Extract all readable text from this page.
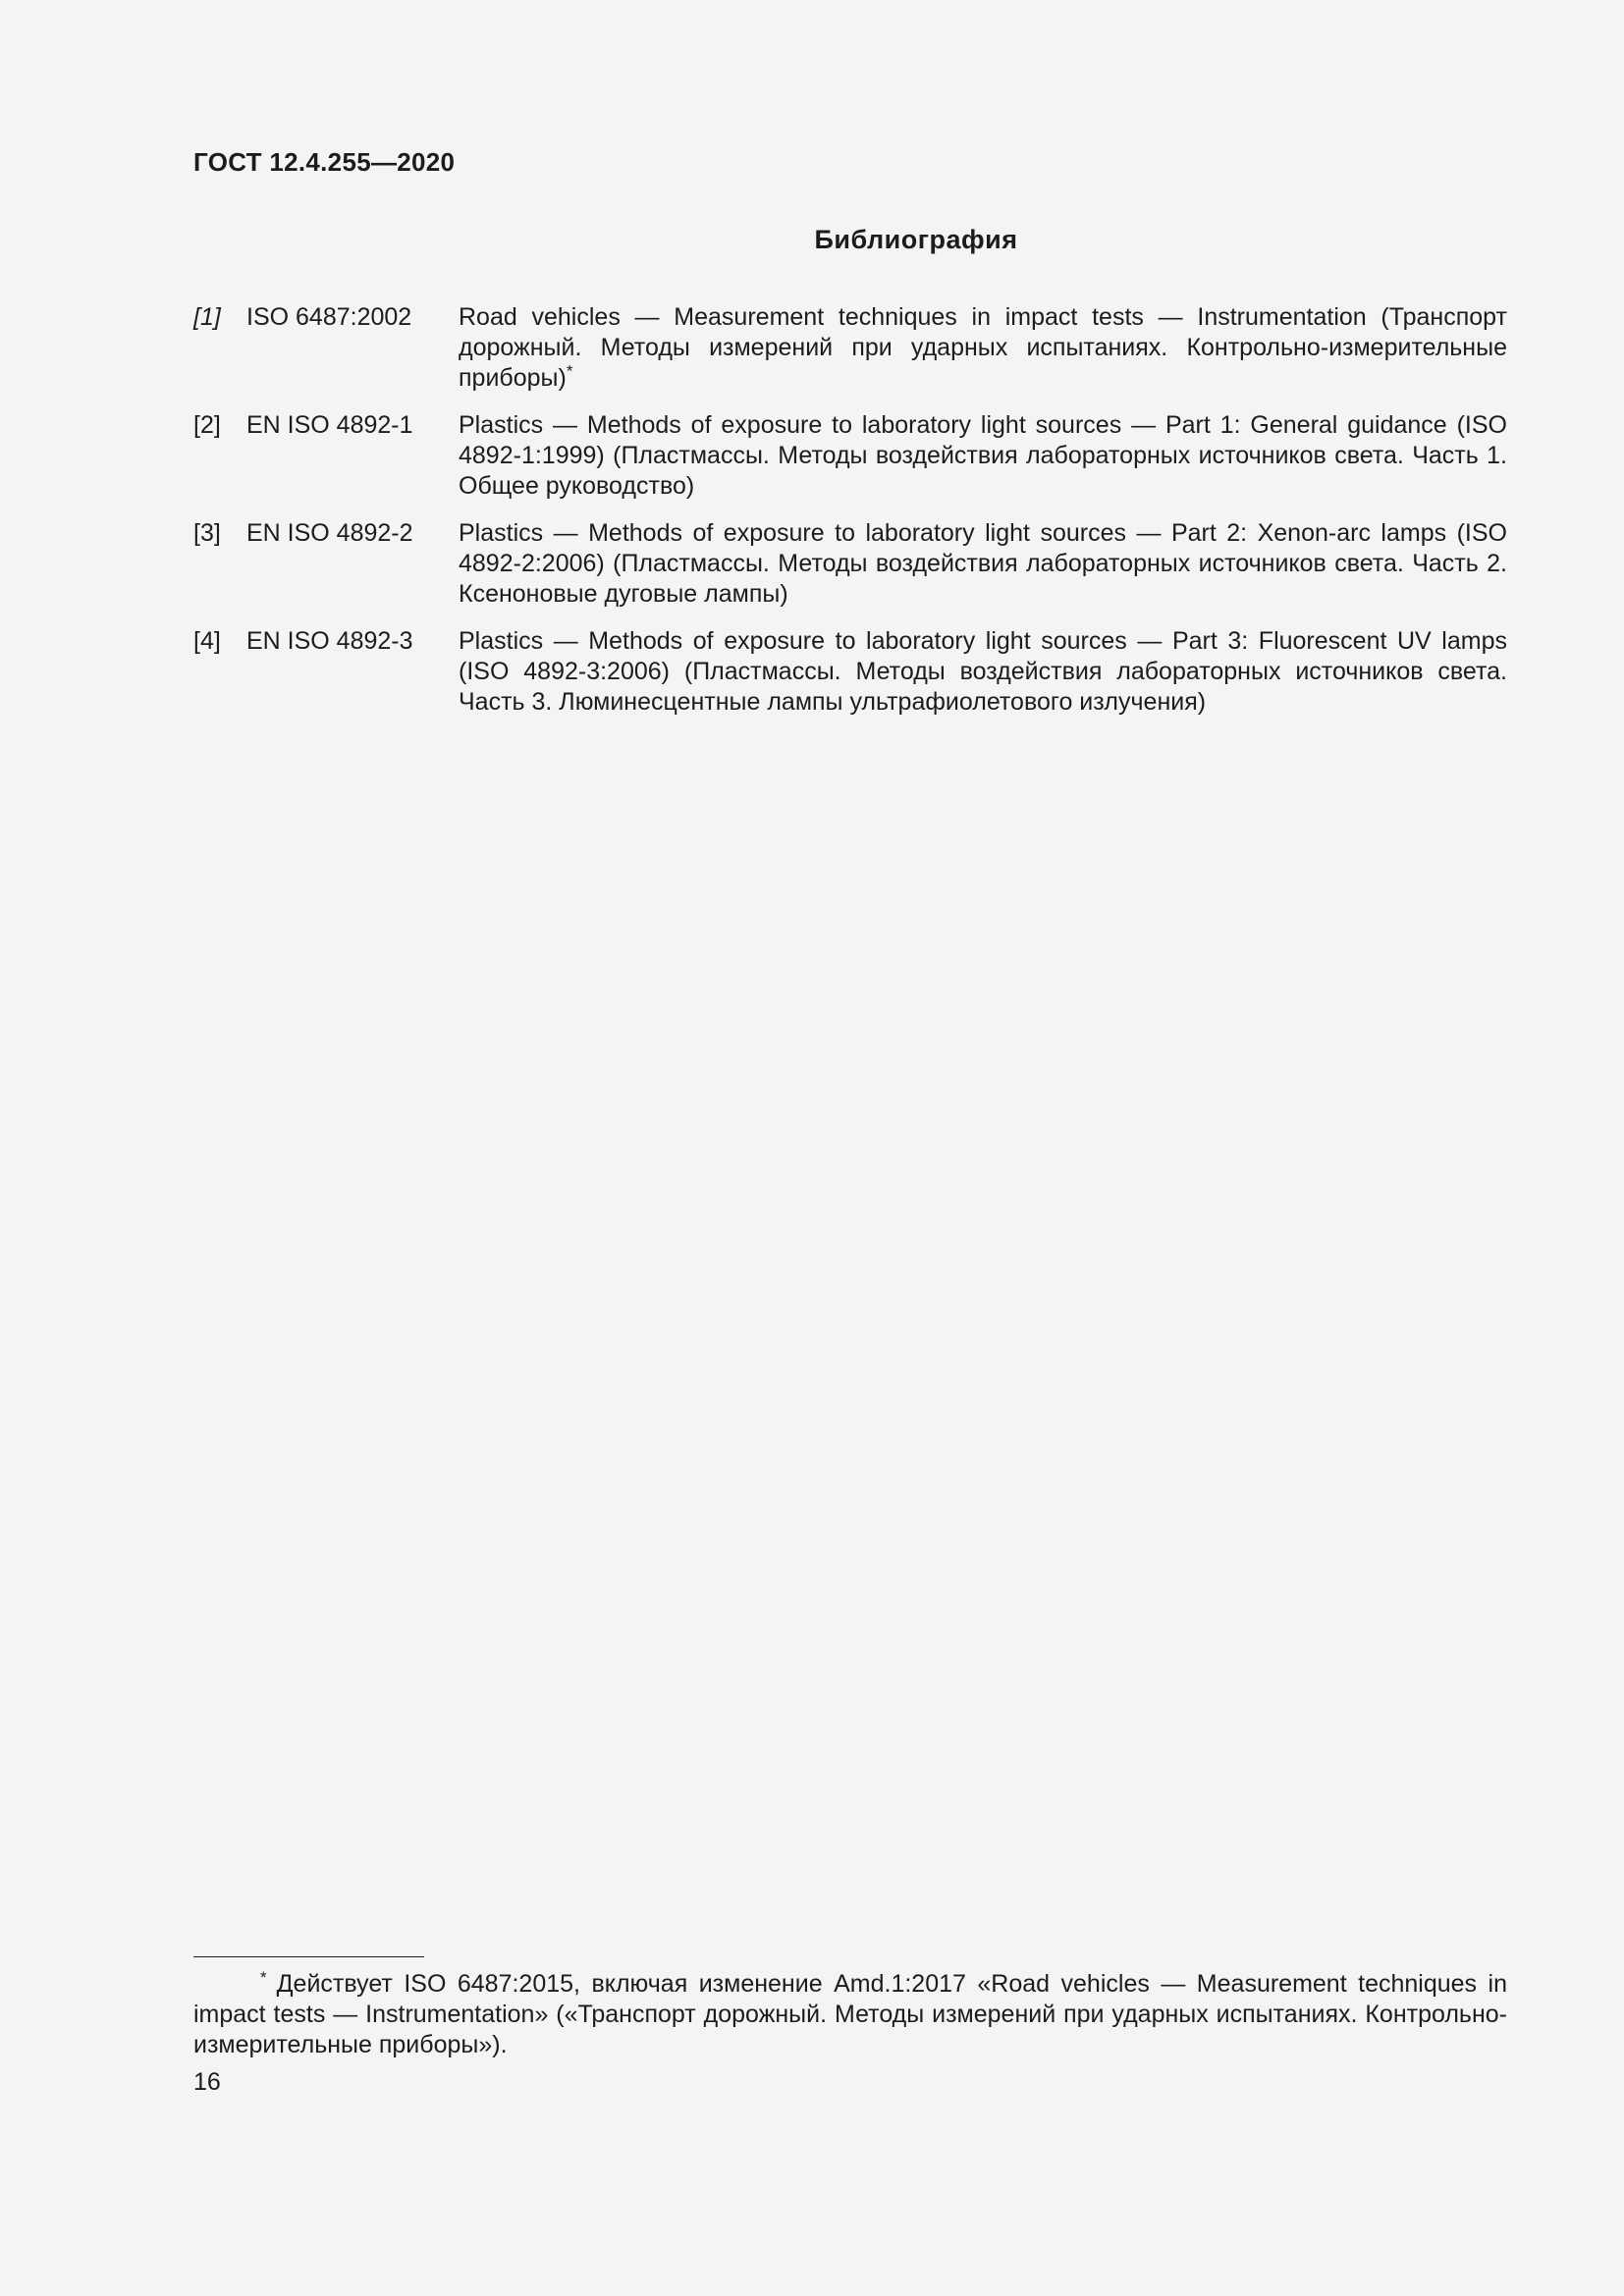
ГОСТ 12.4.255—2020
Библиография
[1]	ISO 6487:2002	Road vehicles — Measurement techniques in impact tests — Instrumentation (Транспорт дорожный. Методы измерений при ударных испытаниях. Контрольно-измерительные приборы)*
[2]	EN ISO 4892-1	Plastics — Methods of exposure to laboratory light sources — Part 1: General guidance (ISO 4892-1:1999) (Пластмассы. Методы воздействия лабораторных источников света. Часть 1. Общее руководство)
[3]	EN ISO 4892-2	Plastics — Methods of exposure to laboratory light sources — Part 2: Xenon-arc lamps (ISO 4892-2:2006) (Пластмассы. Методы воздействия лабораторных источников света. Часть 2. Ксеноновые дуговые лампы)
[4]	EN ISO 4892-3	Plastics — Methods of exposure to laboratory light sources — Part 3: Fluorescent UV lamps (ISO 4892-3:2006) (Пластмассы. Методы воздействия лабораторных источников света. Часть 3. Люминесцентные лампы ультрафиолетового излучения)
* Действует ISO 6487:2015, включая изменение Amd.1:2017 «Road vehicles — Measurement techniques in impact tests — Instrumentation» («Транспорт дорожный. Методы измерений при ударных испытаниях. Контрольно-измерительные приборы»).
16
